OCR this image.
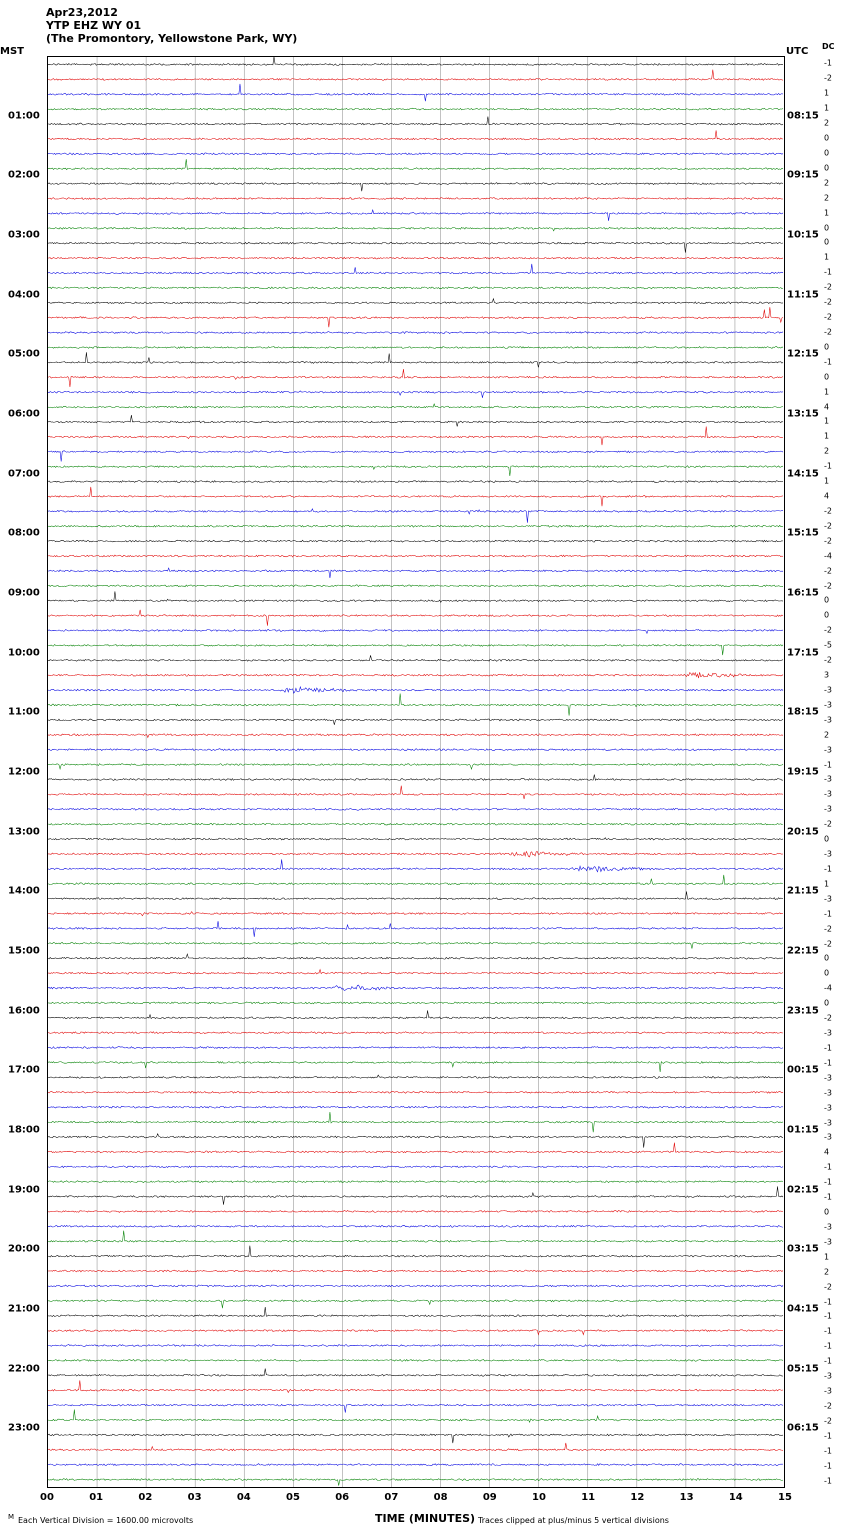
Apr23,2012
YTP EHZ WY 01
(The Promontory, Yellowstone Park, WY)
MST	UTC DC
01:00
02:00
03:00
04:00
05:00
06:00
07:00
08:00
09:00
10:00
11:00
12:00
13:00
14:00
15:00
16:00
17:00
18:00
19:00
20:00
21:00
22:00
23:00
08:15
09:15
10:15
11:15
12:15
13:15
14:15
15:15
16:15
17:15
18:15
19:15
20:15
21:15
22:15
23:15
00:15
01:15
02:15
03:15
04:15
05:15
06:15
-1
-2
1
1
2
0
0
0
2
2
1
0
0
1
-1
-2
-2
-2
-2
0
-1
0
1
4
1
1
2
-1
1
4
-2
-2
-2
-4
-2
-2
0
0
-2
-5
-2
3
-3
-3
-3
2
-3
-1
-3
-3
-3
-2
0
-3
-1
1
-3
-1
-2
-2
0
0
-4
0
-2
-3
-1
-1
-3
-3
-3
-3
-3
4
-1
-1
-1
0
-3
-3
1
2
-2
-1
-1
-1
-1
-1
-3
-3
-2
-2
-1
-1
-1
-1
00	01	02	03	04	05	06	07	08	09	10	11	12	13	14	15
M Each Vertical Division = 1600.00 microvolts	TIME (MINUTES) Traces clipped at plus/minus 5 vertical divisions
